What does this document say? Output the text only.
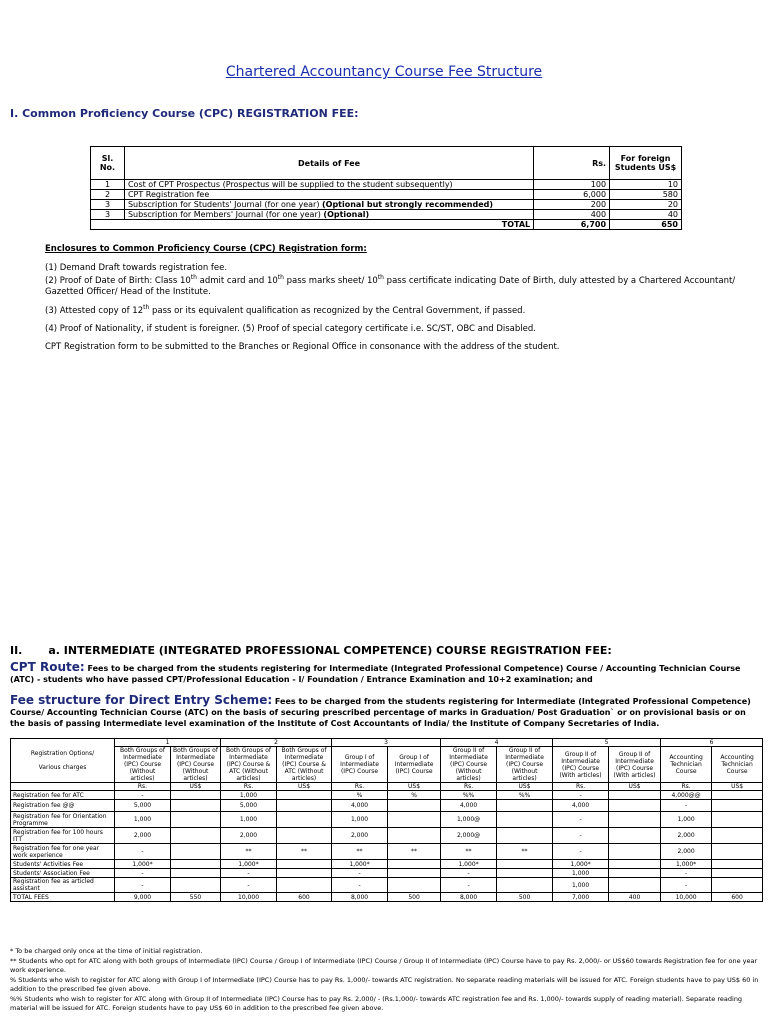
Chartered Accountancy Course Fee Structure
I. Common Proficiency Course (CPC) REGISTRATION FEE:
Sl. No.	Details of Fee	Rs.	For foreign Students US$
1	Cost of CPT Prospectus (Prospectus will be supplied to the student subsequently)	100	10
2	CPT Registration fee	6,000	580
3	Subscription for Students' Journal (for one year) (Optional but strongly recommended)	200	20
3	Subscription for Members' Journal (for one year) (Optional)	400	40
	TOTAL	6,700	650
Enclosures to Common Proficiency Course (CPC) Registration form:
(1) Demand Draft towards registration fee.
(2) Proof of Date of Birth: Class 10th admit card and 10th pass marks sheet/ 10th pass certificate indicating Date of Birth, duly attested by a Chartered Accountant/ Gazetted Officer/ Head of the Institute.
(3) Attested copy of 12th pass or its equivalent qualification as recognized by the Central Government, if passed.
(4) Proof of Nationality, if student is foreigner. (5) Proof of special category certificate i.e. SC/ST, OBC and Disabled.
CPT Registration form to be submitted to the Branches or Regional Office in consonance with the address of the student.
II. a. INTERMEDIATE (INTEGRATED PROFESSIONAL COMPETENCE) COURSE REGISTRATION FEE:
CPT Route: Fees to be charged from the students registering for Intermediate (Integrated Professional Competence) Course / Accounting Technician Course (ATC) - students who have passed CPT/Professional Education - I/ Foundation / Entrance Examination and 10+2 examination; and
Fee structure for Direct Entry Scheme: Fees to be charged from the students registering for Intermediate (Integrated Professional Competence) Course/ Accounting Technician Course (ATC) on the basis of securing prescribed percentage of marks in Graduation/ Post Graduation` or on provisional basis or on the basis of passing Intermediate level examination of the Institute of Cost Accountants of India/ the Institute of Company Secretaries of India.
Registration Options/

Various charges	1		2		3		4		5		6	
	Both Groups of Intermediate (IPC) Course (Without articles)	Both Groups of Intermediate (IPC) Course (Without articles)	Both Groups of Intermediate (IPC) Course & ATC (Without articles)	Both Groups of Intermediate (IPC) Course & ATC (Without articles)	Group I of Intermediate (IPC) Course	Group I of Intermediate (IPC) Course	Group II of Intermediate (IPC) Course (Without articles)	Group II of Intermediate (IPC) Course (Without articles)	Group II of Intermediate (IPC) Course (With articles)	Group II of Intermediate (IPC) Course (With articles)	Accounting Technician Course	Accounting Technician Course
	Rs.	US$	Rs.	US$	Rs.	US$	Rs.	US$	Rs.	US$	Rs.	US$
Registration fee for ATC	-		1,000		%	%	%%	%%	-		4,000@@	
Registration fee @@	5,000		5,000		4,000		4,000		4,000		-	
Registration fee for Orientation Programme	1,000		1,000		1,000		1,000@		-		1,000	
Registration fee for 100 hours ITT	2,000		2,000		2,000		2,000@		-		2,000	
Registration fee for one year work experience	-		**	**	**	**	**	**	-		2,000	
Students' Activities Fee	1,000*		1,000*		1,000*		1,000*		1,000*		1,000*	
Students' Association Fee	-		-		-		-		1,000		-	
Registration fee as articled assistant	-		-		-		-		1,000		-	
TOTAL FEES	9,000	550	10,000	600	8,000	500	8,000	500	7,000	400	10,000	600

* To be charged only once at the time of initial registration.

** Students who opt for ATC along with both groups of Intermediate (IPC) Course / Group I of Intermediate (IPC) Course / Group II of Intermediate (IPC) Course have to pay Rs. 2,000/- or US$60 towards Registration fee for one year work experience.

% Students who wish to register for ATC along with Group I of Intermediate (IPC) Course has to pay Rs. 1,000/- towards ATC registration. No separate reading materials will be issued for ATC. Foreign students have to pay US$ 60 in addition to the prescribed fee given above.

%% Students who wish to register for ATC along with Group II of Intermediate (IPC) Course has to pay Rs. 2,000/ - (Rs.1,000/- towards ATC registration fee and Rs. 1,000/- towards supply of reading material). Separate reading material will be issued for ATC. Foreign students have to pay US$ 60 in addition to the prescribed fee given above.
